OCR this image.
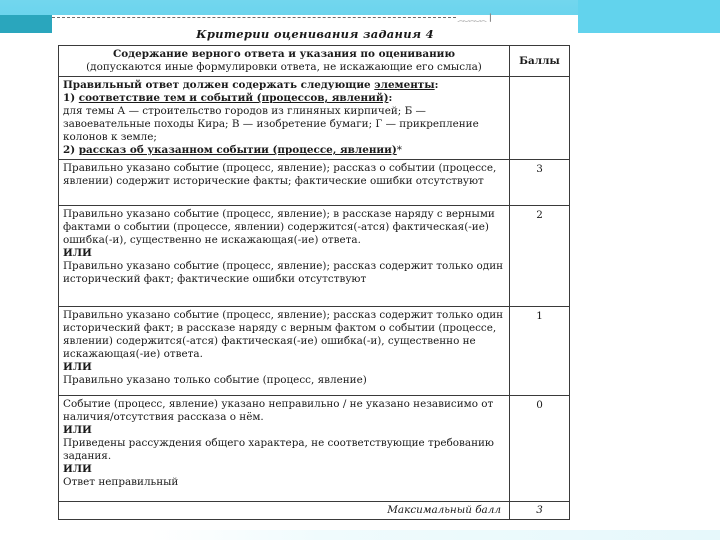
⁔‿⁔‿⁔ ┃
Критерии оценивания задания 4
Содержание верного ответа и указания по оцениванию
(допускаются иные формулировки ответа, не искажающие его смысла)	Баллы

Правильный ответ должен содержать следующие элементы:
1) соответствие тем и событий (процессов, явлений):
для темы А — строительство городов из глиняных кирпичей; Б — завоевательные походы Кира; В — изобретение бумаги; Г — прикрепление колонов к земле;
2) рассказ об указанном событии (процессе, явлении)*	

Правильно указано событие (процесс, явление); рассказ о событии (процессе, явлении) содержит исторические факты; фактические ошибки отсутствуют	3

Правильно указано событие (процесс, явление); в рассказе наряду с верными фактами о событии (процессе, явлении) содержится(-атся) фактическая(-ие) ошибка(-и), существенно не искажающая(-ие) ответа.
ИЛИ
Правильно указано событие (процесс, явление); рассказ содержит только один исторический факт; фактические ошибки отсутствуют	2

Правильно указано событие (процесс, явление); рассказ содержит только один исторический факт; в рассказе наряду с верным фактом о событии (процессе, явлении) содержится(-атся) фактическая(-ие) ошибка(-и), существенно не искажающая(-ие) ответа.
ИЛИ
Правильно указано только событие (процесс, явление)	1

Событие (процесс, явление) указано неправильно / не указано независимо от наличия/отсутствия рассказа о нём.
ИЛИ
Приведены рассуждения общего характера, не соответствующие требованию задания.
ИЛИ
Ответ неправильный	0
Максимальный балл	3
